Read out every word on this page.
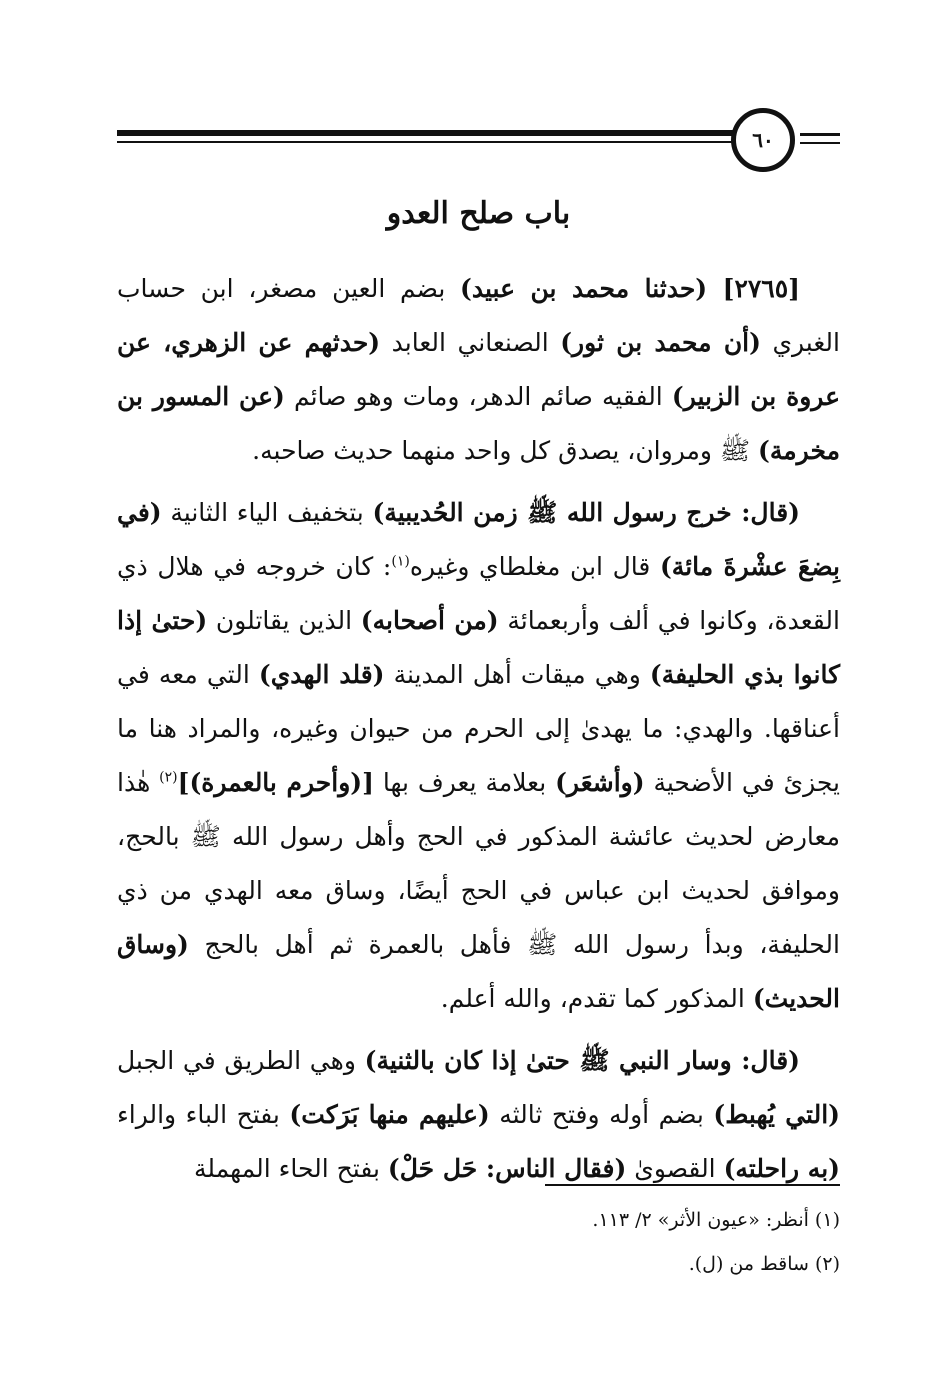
٦٠
باب صلح العدو

[٢٧٦٥] (حدثنا محمد بن عبيد) بضم العين مصغر، ابن حساب الغبري (أن محمد بن ثور) الصنعاني العابد (حدثهم عن الزهري، عن عروة بن الزبير) الفقيه صائم الدهر، ومات وهو صائم (عن المسور بن مخرمة) ﷺ ومروان، يصدق كل واحد منهما حديث صاحبه.

(قال: خرج رسول الله ﷺ زمن الحُديبية) بتخفيف الياء الثانية (في بِضعَ عشْرةَ مائة) قال ابن مغلطاي وغيره$^{(١)}$: كان خروجه في هلال ذي القعدة، وكانوا في ألف وأربعمائة (من أصحابه) الذين يقاتلون (حتىٰ إذا كانوا بذي الحليفة) وهي ميقات أهل المدينة (قلد الهدي) التي معه في أعناقها. والهدي: ما يهدىٰ إلى الحرم من حيوان وغيره، والمراد هنا ما يجزئ في الأضحية (وأشعَر) بعلامة يعرف بها [(وأحرم بالعمرة)]$^{(٢)}$ هٰذا معارض لحديث عائشة المذكور في الحج وأهل رسول الله ﷺ بالحج، وموافق لحديث ابن عباس في الحج أيضًا، وساق معه الهدي من ذي الحليفة، وبدأ رسول الله ﷺ فأهل بالعمرة ثم أهل بالحج (وساق الحديث) المذكور كما تقدم، والله أعلم.

(قال: وسار النبي ﷺ حتىٰ إذا كان بالثنية) وهي الطريق في الجبل (التي يُهبط) بضم أوله وفتح ثالثه (عليهم منها بَرَكت) بفتح الباء والراء (به راحلته) القصوىٰ (فقال الناس: حَل حَلْ) بفتح الحاء المهملة

(١) أنظر: «عيون الأثر» ٢/ ١١٣.
(٢) ساقط من (ل).
